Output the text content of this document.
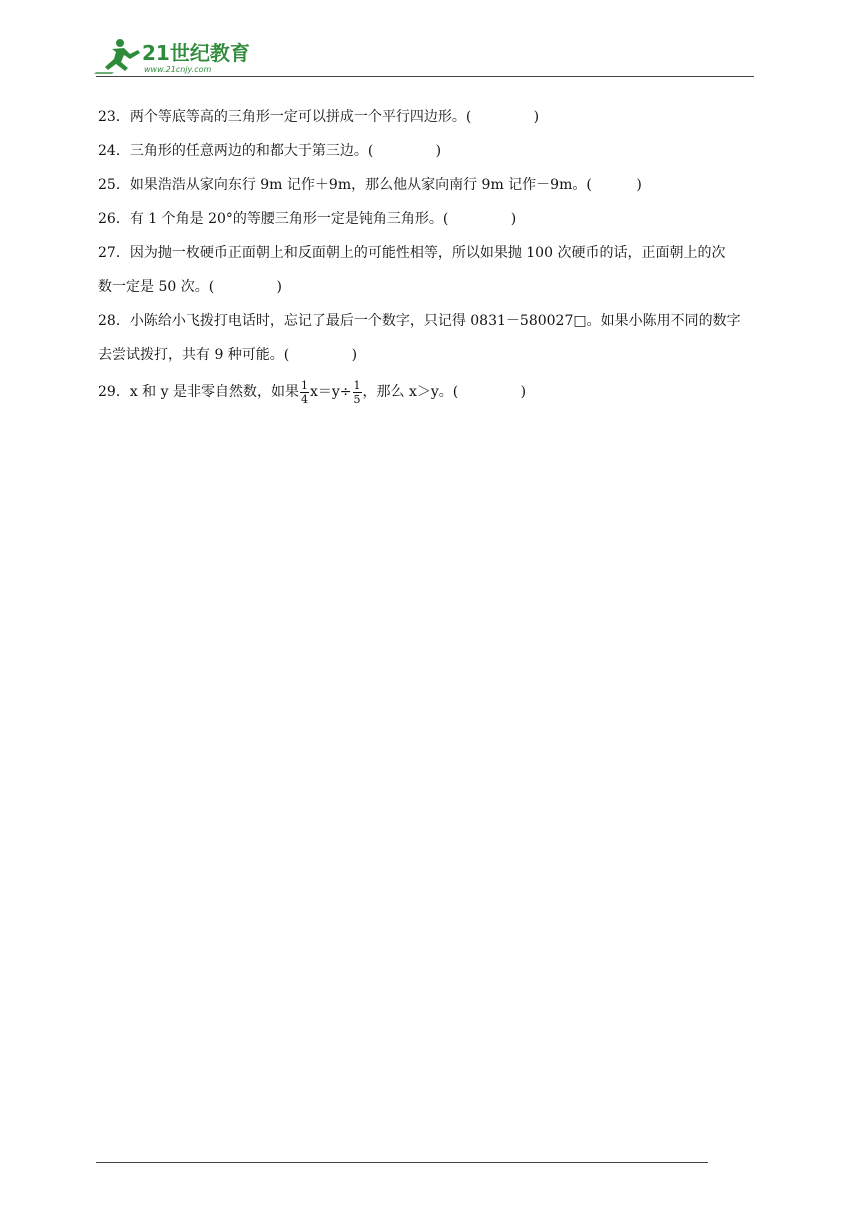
21世纪教育
www.21cnjy.com

23．两个等底等高的三角形一定可以拼成一个平行四边形。(	)

24．三角形的任意两边的和都大于第三边。(	)

25．如果浩浩从家向东行 9m 记作＋9m，那么他从家向南行 9m 记作－9m。(	)

26．有 1 个角是 20°的等腰三角形一定是钝角三角形。(	)

27．因为抛一枚硬币正面朝上和反面朝上的可能性相等，所以如果抛 100 次硬币的话，正面朝上的次
数一定是 50 次。(	)

28．小陈给小飞拨打电话时，忘记了最后一个数字，只记得 0831－580027□。如果小陈用不同的数字
去尝试拨打，共有 9 种可能。(	)

29．x 和 y 是非零自然数，如果 $\frac{1}{4} x=y\div \frac{1}{5}$ ，那么 x＞y。(	)
